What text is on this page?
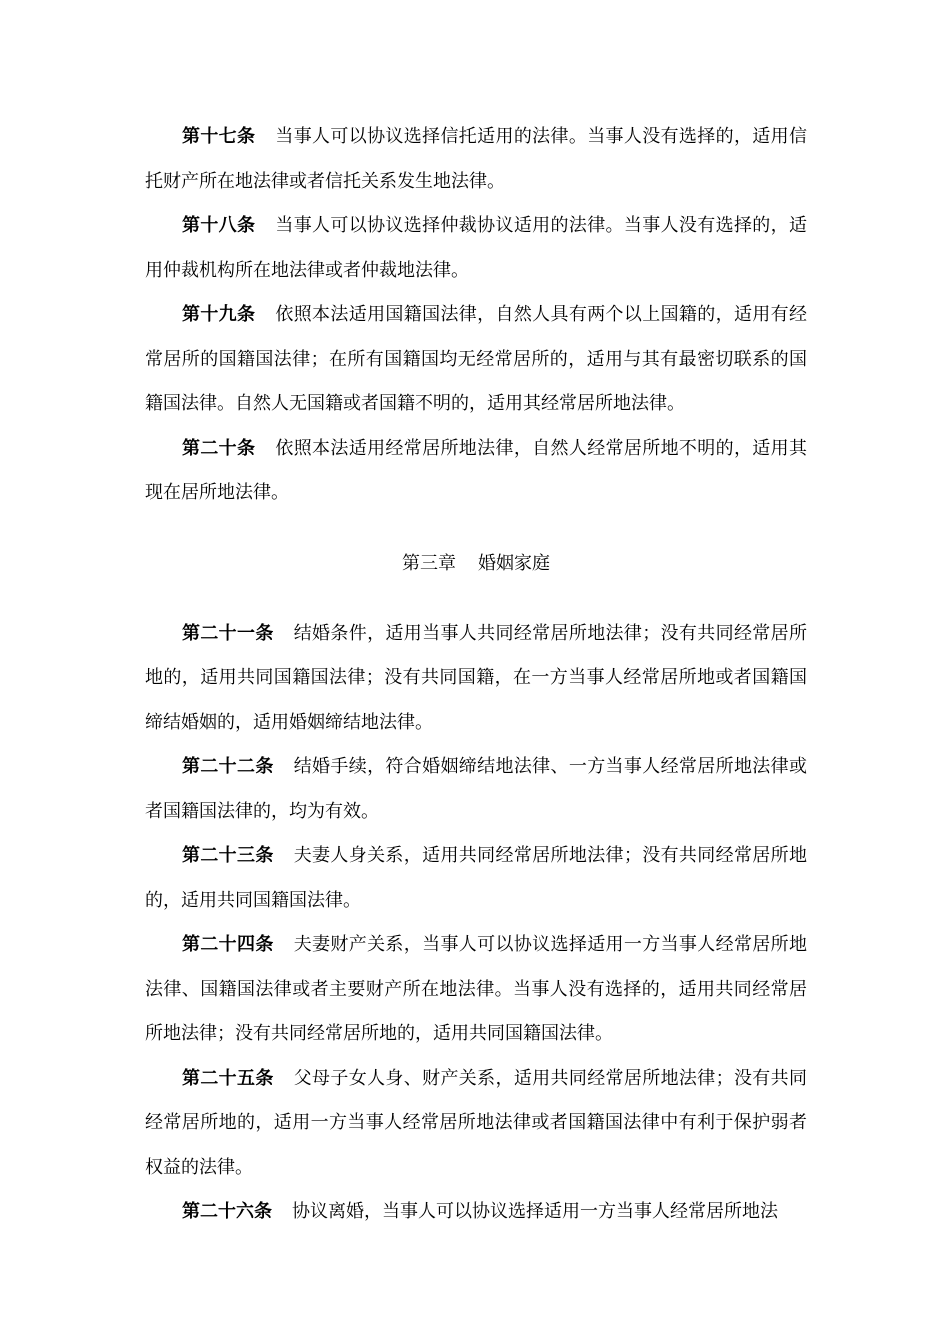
第十七条 当事人可以协议选择信托适用的法律。当事人没有选择的，适用信托财产所在地法律或者信托关系发生地法律。

第十八条 当事人可以协议选择仲裁协议适用的法律。当事人没有选择的，适用仲裁机构所在地法律或者仲裁地法律。

第十九条 依照本法适用国籍国法律，自然人具有两个以上国籍的，适用有经常居所的国籍国法律；在所有国籍国均无经常居所的，适用与其有最密切联系的国籍国法律。自然人无国籍或者国籍不明的，适用其经常居所地法律。

第二十条 依照本法适用经常居所地法律，自然人经常居所地不明的，适用其现在居所地法律。

第三章 婚姻家庭

第二十一条 结婚条件，适用当事人共同经常居所地法律；没有共同经常居所地的，适用共同国籍国法律；没有共同国籍，在一方当事人经常居所地或者国籍国缔结婚姻的，适用婚姻缔结地法律。

第二十二条 结婚手续，符合婚姻缔结地法律、一方当事人经常居所地法律或者国籍国法律的，均为有效。

第二十三条 夫妻人身关系，适用共同经常居所地法律；没有共同经常居所地的，适用共同国籍国法律。

第二十四条 夫妻财产关系，当事人可以协议选择适用一方当事人经常居所地法律、国籍国法律或者主要财产所在地法律。当事人没有选择的，适用共同经常居所地法律；没有共同经常居所地的，适用共同国籍国法律。

第二十五条 父母子女人身、财产关系，适用共同经常居所地法律；没有共同经常居所地的，适用一方当事人经常居所地法律或者国籍国法律中有利于保护弱者权益的法律。

第二十六条 协议离婚，当事人可以协议选择适用一方当事人经常居所地法
